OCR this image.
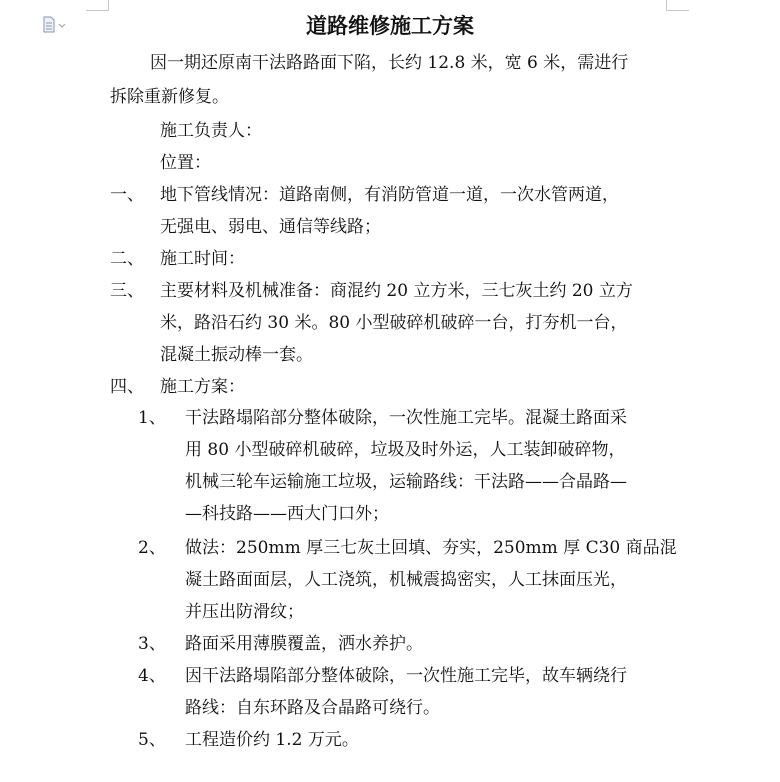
道路维修施工方案
因一期还原南干法路路面下陷，长约 12.8 米，宽 6 米，需进行
拆除重新修复。
施工负责人：
位置：
一、 地下管线情况：道路南侧，有消防管道一道，一次水管两道，
无强电、弱电、通信等线路；
二、 施工时间：
三、 主要材料及机械准备：商混约 20 立方米，三七灰土约 20 立方
米，路沿石约 30 米。80 小型破碎机破碎一台，打夯机一台，
混凝土振动棒一套。
四、 施工方案：
1、 干法路塌陷部分整体破除，一次性施工完毕。混凝土路面采
用 80 小型破碎机破碎，垃圾及时外运，人工装卸破碎物，
机械三轮车运输施工垃圾，运输路线：干法路——合晶路—
—科技路——西大门口外；
2、 做法：250mm 厚三七灰土回填、夯实，250mm 厚 C30 商品混
凝土路面面层，人工浇筑，机械震捣密实，人工抹面压光，
并压出防滑纹；
3、 路面采用薄膜覆盖，洒水养护。
4、 因干法路塌陷部分整体破除，一次性施工完毕，故车辆绕行
路线：自东环路及合晶路可绕行。
5、 工程造价约 1.2 万元。
